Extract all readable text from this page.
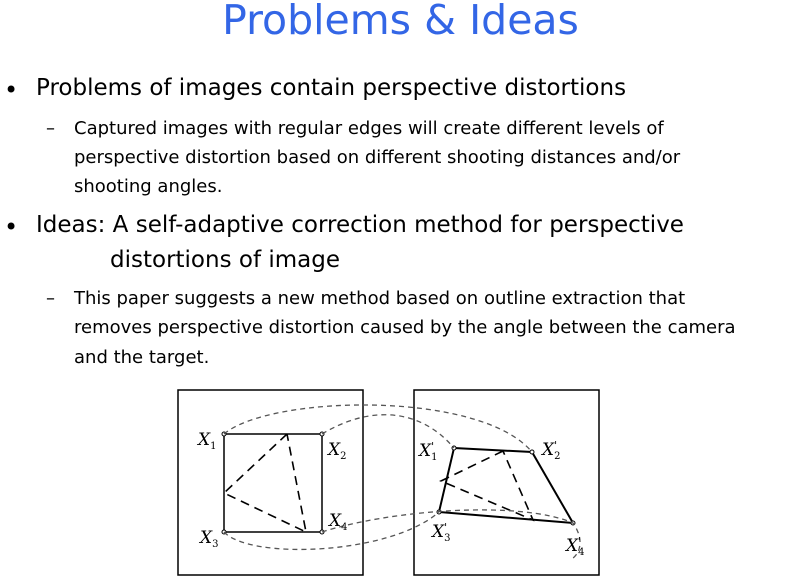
Problems & Ideas
• Problems of images contain perspective distortions
– Captured images with regular edges will create different levels of
perspective distortion based on different shooting distances and/or
shooting angles.
• Ideas: A self-adaptive correction method for perspective
distortions of image
– This paper suggests a new method based on outline extraction that
removes perspective distortion caused by the angle between the camera
and the target.
$X_1$	$X_2$
$X_3$
$X_4$
X' 1	X' 2
X' 3	X' 4
